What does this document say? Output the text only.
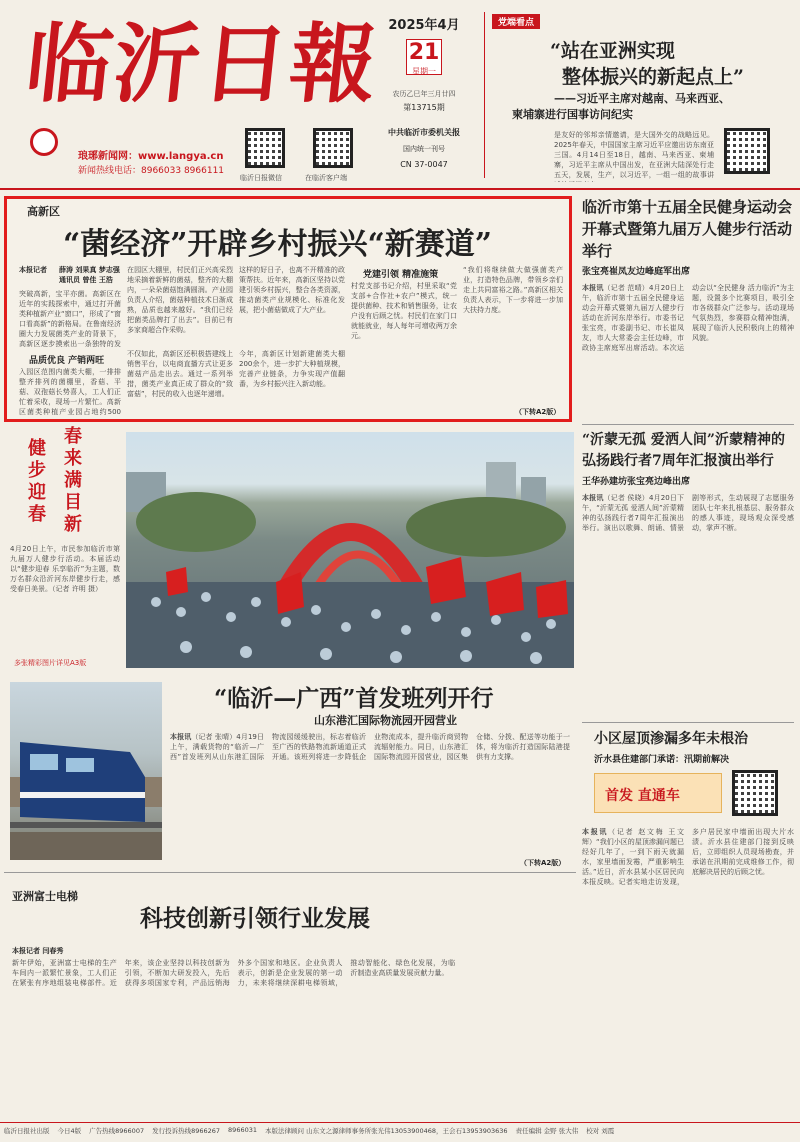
临沂日報
琅琊新闻网：www.langya.cn
新闻热线电话：8966033 8966111
临沂日报微信	在临沂客户端
2025年4月
21
星期一
农历乙巳年三月廿四
第13715期
中共临沂市委机关报
国内统一刊号
CN 37-0047
党端看点
“站在亚洲实现
整体振兴的新起点上”
——习近平主席对越南、马来西亚、
柬埔寨进行国事访问纪实
是友好的邻邦亲情邀请，是大国外交的战略远见。2025年春天，中国国家主席习近平应邀出访东南亚三国。4月14日至18日，越南、马来西亚、柬埔寨，习近平主席从中国出发，在亚洲大陆深处行走五天，发展，生产，以习近平，一组一组的故事讲
高新区
“菌经济”开辟乡村振兴“新赛道”
本报记者 薛涛 刘果真 梦志强
通讯员 曾佳 王浩
突破高新，宝平亦菌。高新区在近年的实践探索中，通过打开菌类种植新产业“窗口”，形成了“窗口看高新”的新格局。在鲁南经济圈大力发展菌类产业的背景下，高新区逐步摸索出一条独特的发
品质优良 产销两旺
入园区范围内菌类大棚，一排排整齐排列的菌棚里，香菇、平菇、双孢菇长势喜人，工人们正忙着采收，现场一片繁忙。高新区菌类种植产业园占地约500
在园区大棚里，村民们正兴高采烈地采摘着新鲜的菌菇，整齐的大棚内，一朵朵菌菇饱满圆润。产业园负责人介绍，菌菇种植技术日渐成熟，品质也越来越好。“我们已经把菌类品牌打了出去”。目前已有多家商超合作采购。
不仅如此，高新区还积极搭建线上销售平台，以电商直播方式让更多菌菇产品走出去。通过一系列举措，菌类产业真正成了群众的“致富菇”，村民的收入也逐年递增。
这样的好日子，也离不开精准的政策帮扶。近年来，高新区坚持以党建引领乡村振兴，整合各类资源，推动菌类产业规模化、标准化发展，把小菌菇做成了大产业。
今年，高新区计划新建菌类大棚200余个，进一步扩大种植规模，完善产业链条，力争实现产值翻番，为乡村振兴注入新动能。
党建引领 精准施策
村党支部书记介绍，村里采取“党支部+合作社+农户”模式，统一提供菌种、技术和销售服务，让农户没有后顾之忧。村民们在家门口就能就业，每人每年可增收两万余元。
“我们将继续做大做强菌类产业，打造特色品牌，带领乡亲们走上共同富裕之路。”高新区相关负责人表示，下一步将进一步加大扶持力度。
（下转A2版）
临沂市第十五届全民健身运动会开幕式暨第九届万人健步行活动举行
张宝亮崔凤友边峰庭军出席
本报讯（记者 范晴）4月20日上午，临沂市第十五届全民健身运动会开幕式暨第九届万人健步行活动在沂河东岸举行。市委书记张宝亮，市委副书记、市长崔凤友，市人大常委会主任边峰，市政协主席庭军出席活动。本次运动会以“全民健身 活力临沂”为主题，设置多个比赛项目，吸引全市各级群众广泛参与。活动现场气氛热烈，参赛群众精神饱满，展现了临沂人民积极向上的精神风貌。
健步迎春
春来满目新
4月20日上午，市民参加临沂市第九届万人健步行活动。本届活动以“健步迎春 乐享临沂”为主题，数万名群众沿沂河东岸健步行走，感受春日美景。（记者 许明 摄）
多张精彩图片详见A3版
“沂蒙无孤 爱洒人间”沂蒙精神的弘扬践行者7周年汇报演出举行
王华孙建坊张宝亮边峰出席
本报讯（记者 侯晓）4月20日下午，“沂蒙无孤 爱洒人间”沂蒙精神的弘扬践行者7周年汇报演出举行。演出以歌舞、朗诵、情景剧等形式，生动展现了志愿服务团队七年来扎根基层、服务群众的感人事迹，现场观众深受感动，掌声不断。
“临沂—广西”首发班列开行
山东港汇国际物流园开园营业
本报讯（记者 张晴）4月19日上午，满载货物的“临沂—广西”首发班列从山东港汇国际物流园缓缓驶出，标志着临沂至广西的铁路物流新通道正式开通。该班列将进一步降低企业物流成本，提升临沂商贸物流辐射能力。同日，山东港汇国际物流园开园营业，园区集仓储、分拨、配送等功能于一体，将为临沂打造国际陆港提供有力支撑。
（下转A2版）
小区屋顶渗漏多年未根治
沂水县住建部门承诺：汛期前解决
首发 直通车
本报讯（记者 赵文梅 王文辉）“我们小区的屋顶渗漏问题已经好几年了，一到下雨天就漏水，家里墙面发霉，严重影响生活。”近日，沂水县某小区居民向本报反映。记者实地走访发现，多户居民家中墙面出现大片水渍。沂水县住建部门接到反映后，立即组织人员现场勘查，并承诺在汛期前完成维修工作，彻底解决居民的后顾之忧。
亚洲富士电梯
科技创新引领行业发展
本报记者 闫春秀
新年伊始，亚洲富士电梯的生产车间内一派繁忙景象，工人们正在紧张有序地组装电梯部件。近年来，该企业坚持以科技创新为引领，不断加大研发投入，先后获得多项国家专利，产品远销海外多个国家和地区。企业负责人表示，创新是企业发展的第一动力，未来将继续深耕电梯领域，推动智能化、绿色化发展，为临沂制造业高质量发展贡献力量。
临沂日报社出版 今日4版 广告热线8966007 发行投诉热线8966267 8966031 本版法律顾问 山东文之源律师事务所张光伟13053900468，王会石13953903636 责任编辑 金野 张大伟 校对 刘霞
